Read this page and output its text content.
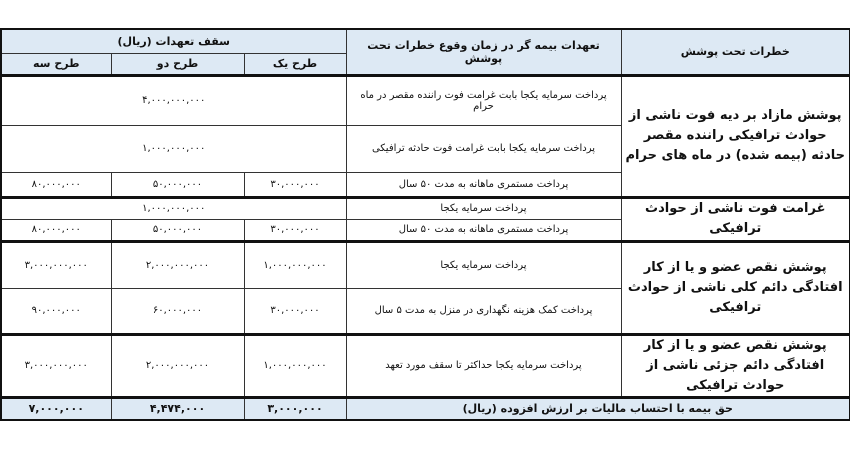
خطرات تحت پوشش	تعهدات بیمه گر در زمان وقوع خطرات تحت پوشش	سقف تعهدات (ریال)		
		طرح یک	طرح دو	طرح سه
پوشش مازاد بر دیه فوت ناشی از حوادث ترافیکی راننده مقصر حادثه (بیمه شده) در ماه های حرام	پرداخت سرمایه یکجا بابت غرامت فوت راننده مقصر در ماه حرام	۴,۰۰۰,۰۰۰,۰۰۰		
	پرداخت سرمایه یکجا بابت غرامت فوت حادثه ترافیکی	۱,۰۰۰,۰۰۰,۰۰۰		
	پرداخت مستمری ماهانه به مدت ۵۰ سال	۳۰,۰۰۰,۰۰۰	۵۰,۰۰۰,۰۰۰	۸۰,۰۰۰,۰۰۰
غرامت فوت ناشی از حوادث ترافیکی	پرداخت سرمایه یکجا	۱,۰۰۰,۰۰۰,۰۰۰		
	پرداخت مستمری ماهانه به مدت ۵۰ سال	۳۰,۰۰۰,۰۰۰	۵۰,۰۰۰,۰۰۰	۸۰,۰۰۰,۰۰۰
پوشش نقص عضو و یا از کار افتادگی دائم کلی ناشی از حوادث ترافیکی	پرداخت سرمایه یکجا	۱,۰۰۰,۰۰۰,۰۰۰	۲,۰۰۰,۰۰۰,۰۰۰	۳,۰۰۰,۰۰۰,۰۰۰
	پرداخت کمک هزینه نگهداری در منزل به مدت ۵ سال	۳۰,۰۰۰,۰۰۰	۶۰,۰۰۰,۰۰۰	۹۰,۰۰۰,۰۰۰
پوشش نقص عضو و یا از کار افتادگی دائم جزئی ناشی از حوادث ترافیکی	پرداخت سرمایه یکجا حداکثر تا سقف مورد تعهد	۱,۰۰۰,۰۰۰,۰۰۰	۲,۰۰۰,۰۰۰,۰۰۰	۳,۰۰۰,۰۰۰,۰۰۰
حق بیمه با احتساب مالیات بر ارزش افزوده (ریال)		۳,۰۰۰,۰۰۰	۴,۴۷۴,۰۰۰	۷,۰۰۰,۰۰۰
